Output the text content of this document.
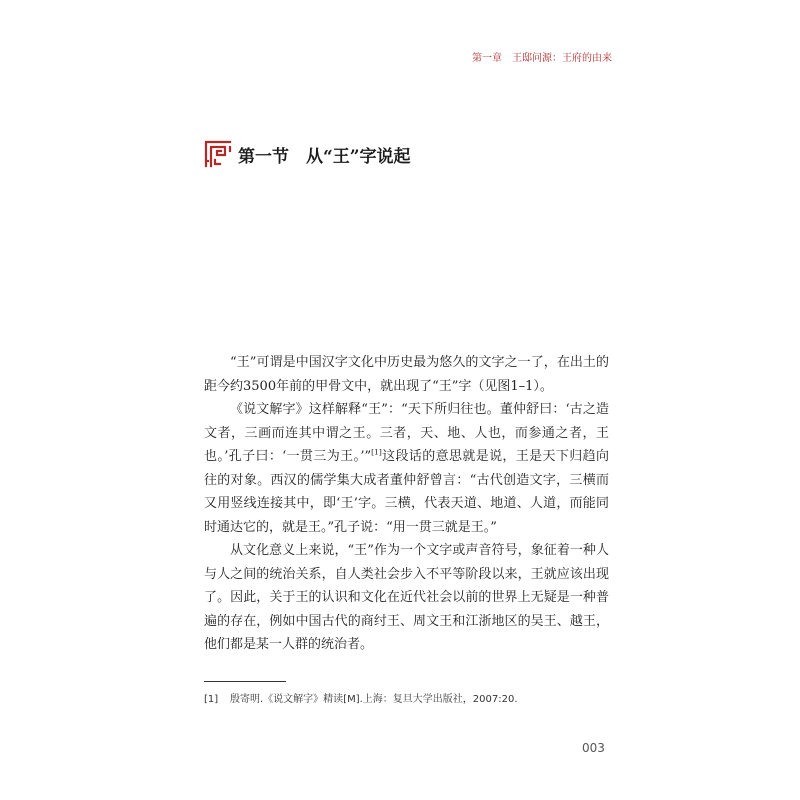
第一章　王邸问源：王府的由来
第一节　从“王”字说起

“王”可谓是中国汉字文化中历史最为悠久的文字之一了，在出土的距今约3500年前的甲骨文中，就出现了“王”字（见图1–1）。

《说文解字》这样解释“王”：“天下所归往也。董仲舒曰：‘古之造文者，三画而连其中谓之王。三者，天、地、人也，而参通之者，王也。’孔子曰：‘一贯三为王。’”[1]这段话的意思就是说，王是天下归趋向往的对象。西汉的儒学集大成者董仲舒曾言：“古代创造文字，三横而又用竖线连接其中，即‘王’字。三横，代表天道、地道、人道，而能同时通达它的，就是王。”孔子说：“用一贯三就是王。”

从文化意义上来说，“王”作为一个文字或声音符号，象征着一种人与人之间的统治关系，自人类社会步入不平等阶段以来，王就应该出现了。因此，关于王的认识和文化在近代社会以前的世界上无疑是一种普遍的存在，例如中国古代的商纣王、周文王和江浙地区的吴王、越王，他们都是某一人群的统治者。

[1] 殷寄明.《说文解字》精读[M].上海：复旦大学出版社，2007:20.
003
